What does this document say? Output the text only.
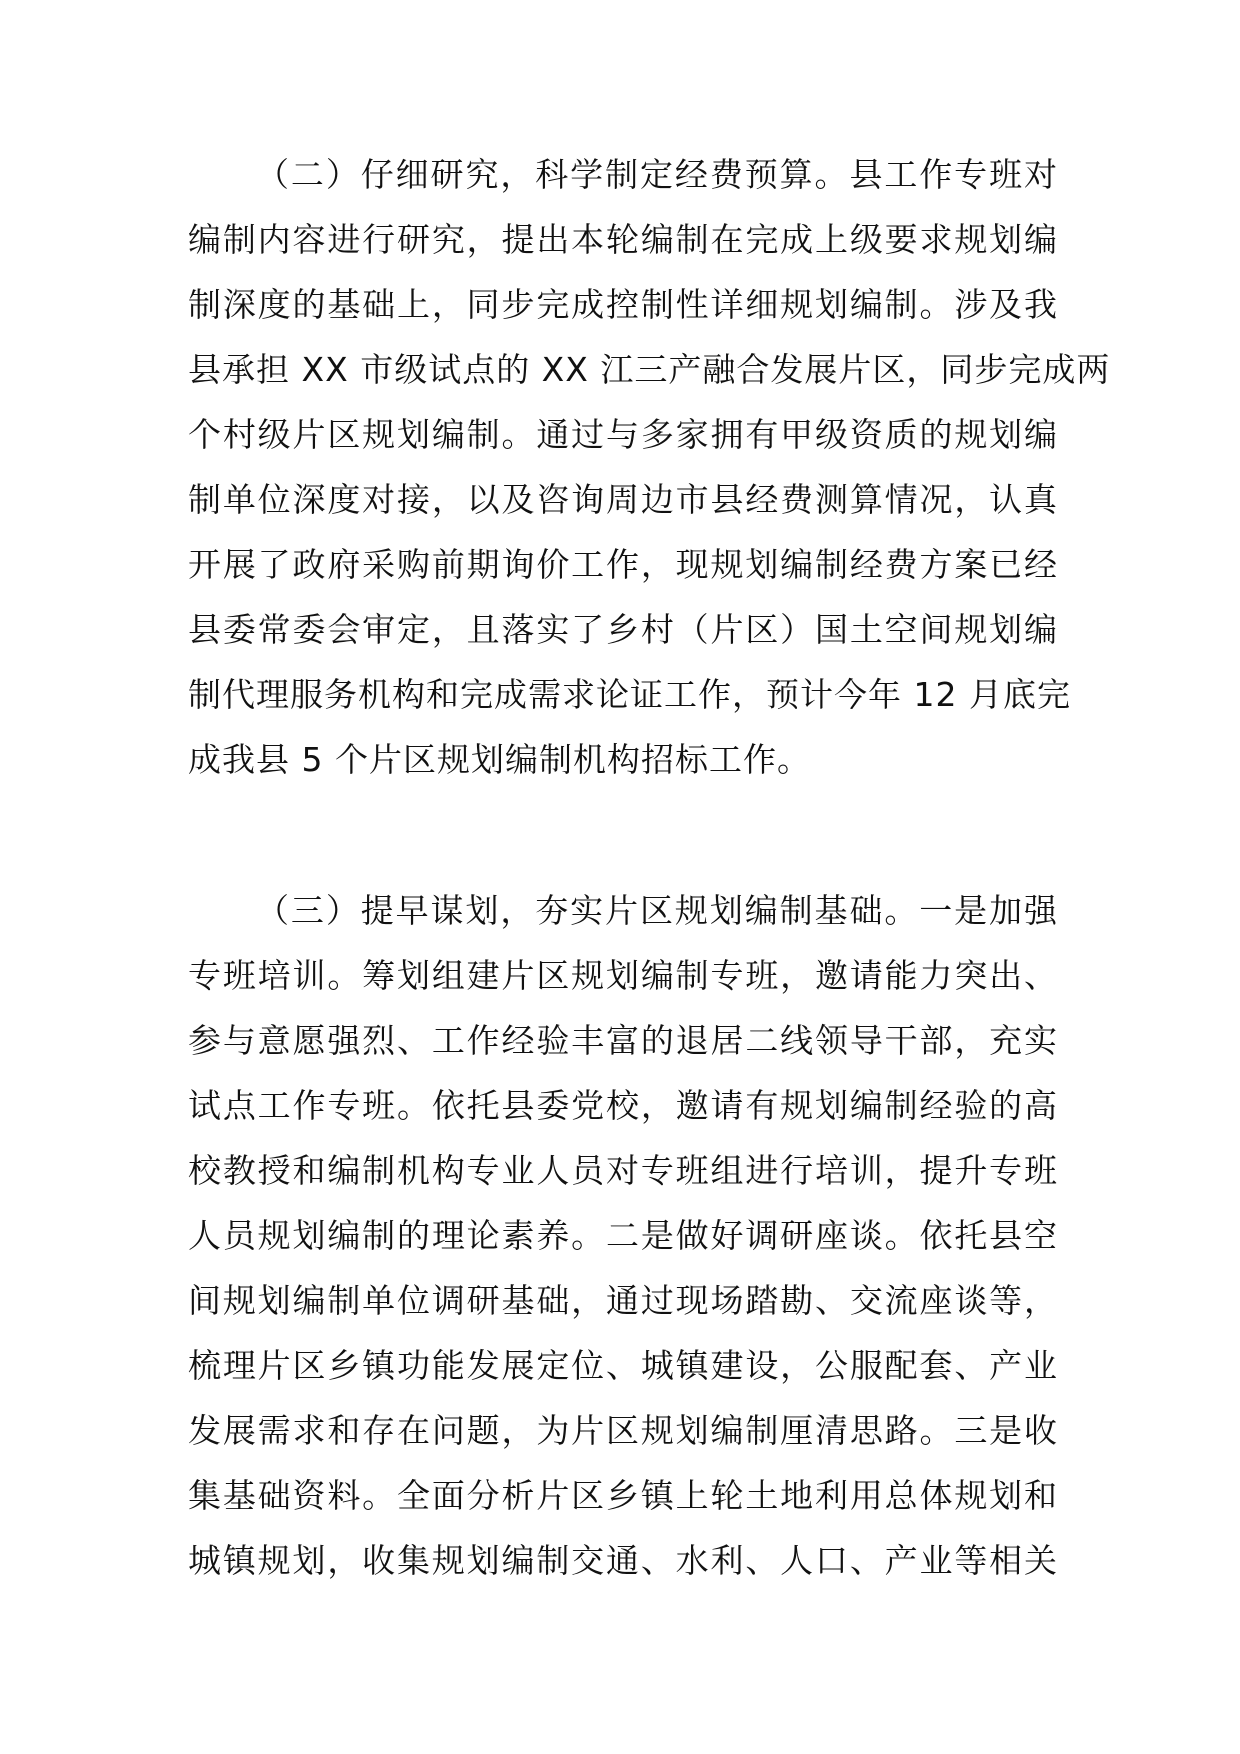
（二）仔细研究，科学制定经费预算。县工作专班对
编制内容进行研究，提出本轮编制在完成上级要求规划编
制深度的基础上，同步完成控制性详细规划编制。涉及我
县承担 XX 市级试点的 XX 江三产融合发展片区，同步完成两
个村级片区规划编制。通过与多家拥有甲级资质的规划编
制单位深度对接，以及咨询周边市县经费测算情况，认真
开展了政府采购前期询价工作，现规划编制经费方案已经
县委常委会审定，且落实了乡村（片区）国土空间规划编
制代理服务机构和完成需求论证工作，预计今年 12 月底完
成我县 5 个片区规划编制机构招标工作。
（三）提早谋划，夯实片区规划编制基础。一是加强
专班培训。筹划组建片区规划编制专班，邀请能力突出、
参与意愿强烈、工作经验丰富的退居二线领导干部，充实
试点工作专班。依托县委党校，邀请有规划编制经验的高
校教授和编制机构专业人员对专班组进行培训，提升专班
人员规划编制的理论素养。二是做好调研座谈。依托县空
间规划编制单位调研基础，通过现场踏勘、交流座谈等，
梳理片区乡镇功能发展定位、城镇建设，公服配套、产业
发展需求和存在问题，为片区规划编制厘清思路。三是收
集基础资料。全面分析片区乡镇上轮土地利用总体规划和
城镇规划，收集规划编制交通、水利、人口、产业等相关
